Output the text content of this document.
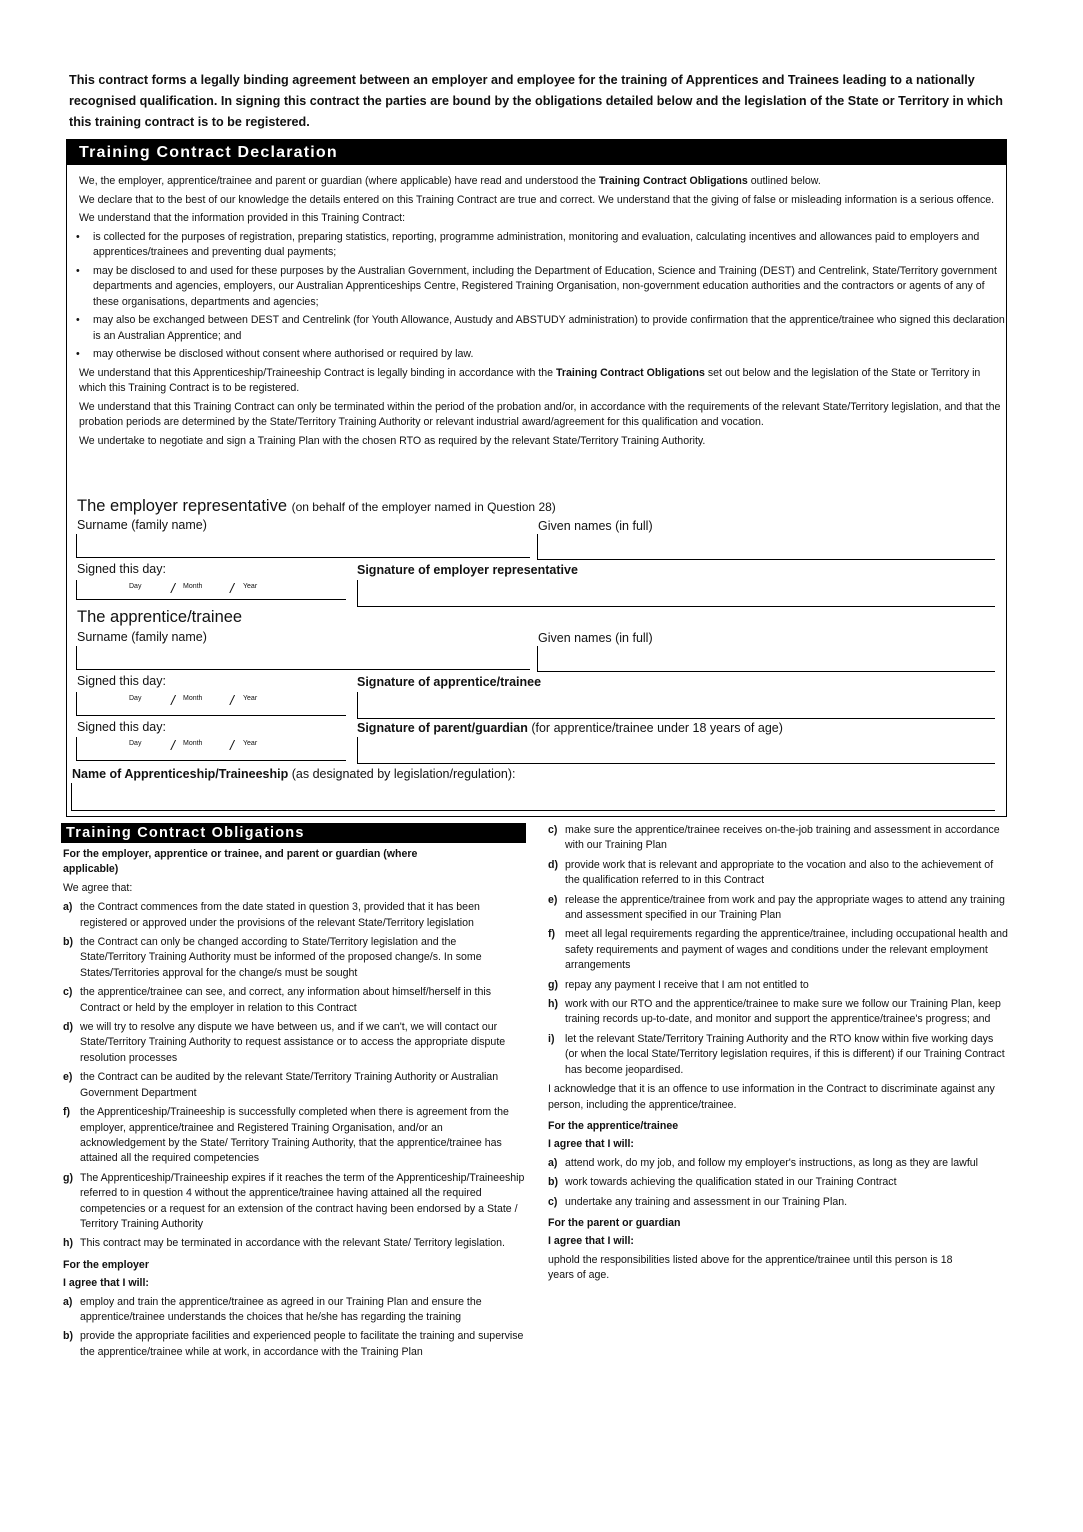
This contract forms a legally binding agreement between an employer and employee for the training of Apprentices and Trainees leading to a nationally recognised qualification. In signing this contract the parties are bound by the obligations detailed below and the legislation of the State or Territory in which this training contract is to be registered.
Training Contract Declaration

We, the employer, apprentice/trainee and parent or guardian (where applicable) have read and understood the Training Contract Obligations outlined below.

We declare that to the best of our knowledge the details entered on this Training Contract are true and correct. We understand that the giving of false or misleading information is a serious offence.

We understand that the information provided in this Training Contract:

• is collected for the purposes of registration, preparing statistics, reporting, programme administration, monitoring and evaluation, calculating incentives and allowances paid to employers and apprentices/trainees and preventing dual payments;
• may be disclosed to and used for these purposes by the Australian Government, including the Department of Education, Science and Training (DEST) and Centrelink, State/Territory government departments and agencies, employers, our Australian Apprenticeships Centre, Registered Training Organisation, non-government education authorities and the contractors or agents of any of these organisations, departments and agencies;
• may also be exchanged between DEST and Centrelink (for Youth Allowance, Austudy and ABSTUDY administration) to provide confirmation that the apprentice/trainee who signed this declaration is an Australian Apprentice; and
• may otherwise be disclosed without consent where authorised or required by law.

We understand that this Apprenticeship/Traineeship Contract is legally binding in accordance with the Training Contract Obligations set out below and the legislation of the State or Territory in which this Training Contract is to be registered.

We understand that this Training Contract can only be terminated within the period of the probation and/or, in accordance with the requirements of the relevant State/Territory legislation, and that the probation periods are determined by the State/Territory Training Authority or relevant industrial award/agreement for this qualification and vocation.

We undertake to negotiate and sign a Training Plan with the chosen RTO as required by the relevant State/Territory Training Authority.

The employer representative (on behalf of the employer named in Question 28)
Surname (family name)	Given names (in full)
Signed this day:
Day / Month / Year
Signature of employer representative
The apprentice/trainee
Surname (family name)	Given names (in full)
Signed this day:
Day / Month / Year
Signature of apprentice/trainee
Signed this day:
Day / Month / Year
Signature of parent/guardian (for apprentice/trainee under 18 years of age)
Name of Apprenticeship/Traineeship (as designated by legislation/regulation):
Training Contract Obligations

For the employer, apprentice or trainee, and parent or guardian (where applicable)

We agree that:

a) the Contract commences from the date stated in question 3, provided that it has been registered or approved under the provisions of the relevant State/Territory legislation
b) the Contract can only be changed according to State/Territory legislation and the State/Territory Training Authority must be informed of the proposed change/s. In some States/Territories approval for the change/s must be sought
c) the apprentice/trainee can see, and correct, any information about himself/herself in this Contract or held by the employer in relation to this Contract
d) we will try to resolve any dispute we have between us, and if we can't, we will contact our State/Territory Training Authority to request assistance or to access the appropriate dispute resolution processes
e) the Contract can be audited by the relevant State/Territory Training Authority or Australian Government Department
f) the Apprenticeship/Traineeship is successfully completed when there is agreement from the employer, apprentice/trainee and Registered Training Organisation, and/or an acknowledgement by the State/ Territory Training Authority, that the apprentice/trainee has attained all the required competencies
g) The Apprenticeship/Traineeship expires if it reaches the term of the Apprenticeship/Traineeship referred to in question 4 without the apprentice/trainee having attained all the required competencies or a request for an extension of the contract having been endorsed by a State / Territory Training Authority
h) This contract may be terminated in accordance with the relevant State/ Territory legislation.

For the employer

I agree that I will:

a) employ and train the apprentice/trainee as agreed in our Training Plan and ensure the apprentice/trainee understands the choices that he/she has regarding the training
b) provide the appropriate facilities and experienced people to facilitate the training and supervise the apprentice/trainee while at work, in accordance with the Training Plan
c) make sure the apprentice/trainee receives on-the-job training and assessment in accordance with our Training Plan
d) provide work that is relevant and appropriate to the vocation and also to the achievement of the qualification referred to in this Contract
e) release the apprentice/trainee from work and pay the appropriate wages to attend any training and assessment specified in our Training Plan
f) meet all legal requirements regarding the apprentice/trainee, including occupational health and safety requirements and payment of wages and conditions under the relevant employment arrangements
g) repay any payment I receive that I am not entitled to
h) work with our RTO and the apprentice/trainee to make sure we follow our Training Plan, keep training records up-to-date, and monitor and support the apprentice/trainee's progress; and
i) let the relevant State/Territory Training Authority and the RTO know within five working days (or when the local State/Territory legislation requires, if this is different) if our Training Contract has become jeopardised.

I acknowledge that it is an offence to use information in the Contract to discriminate against any person, including the apprentice/trainee.

For the apprentice/trainee

I agree that I will:

a) attend work, do my job, and follow my employer's instructions, as long as they are lawful
b) work towards achieving the qualification stated in our Training Contract
c) undertake any training and assessment in our Training Plan.

For the parent or guardian

I agree that I will:

uphold the responsibilities listed above for the apprentice/trainee until this person is 18 years of age.
